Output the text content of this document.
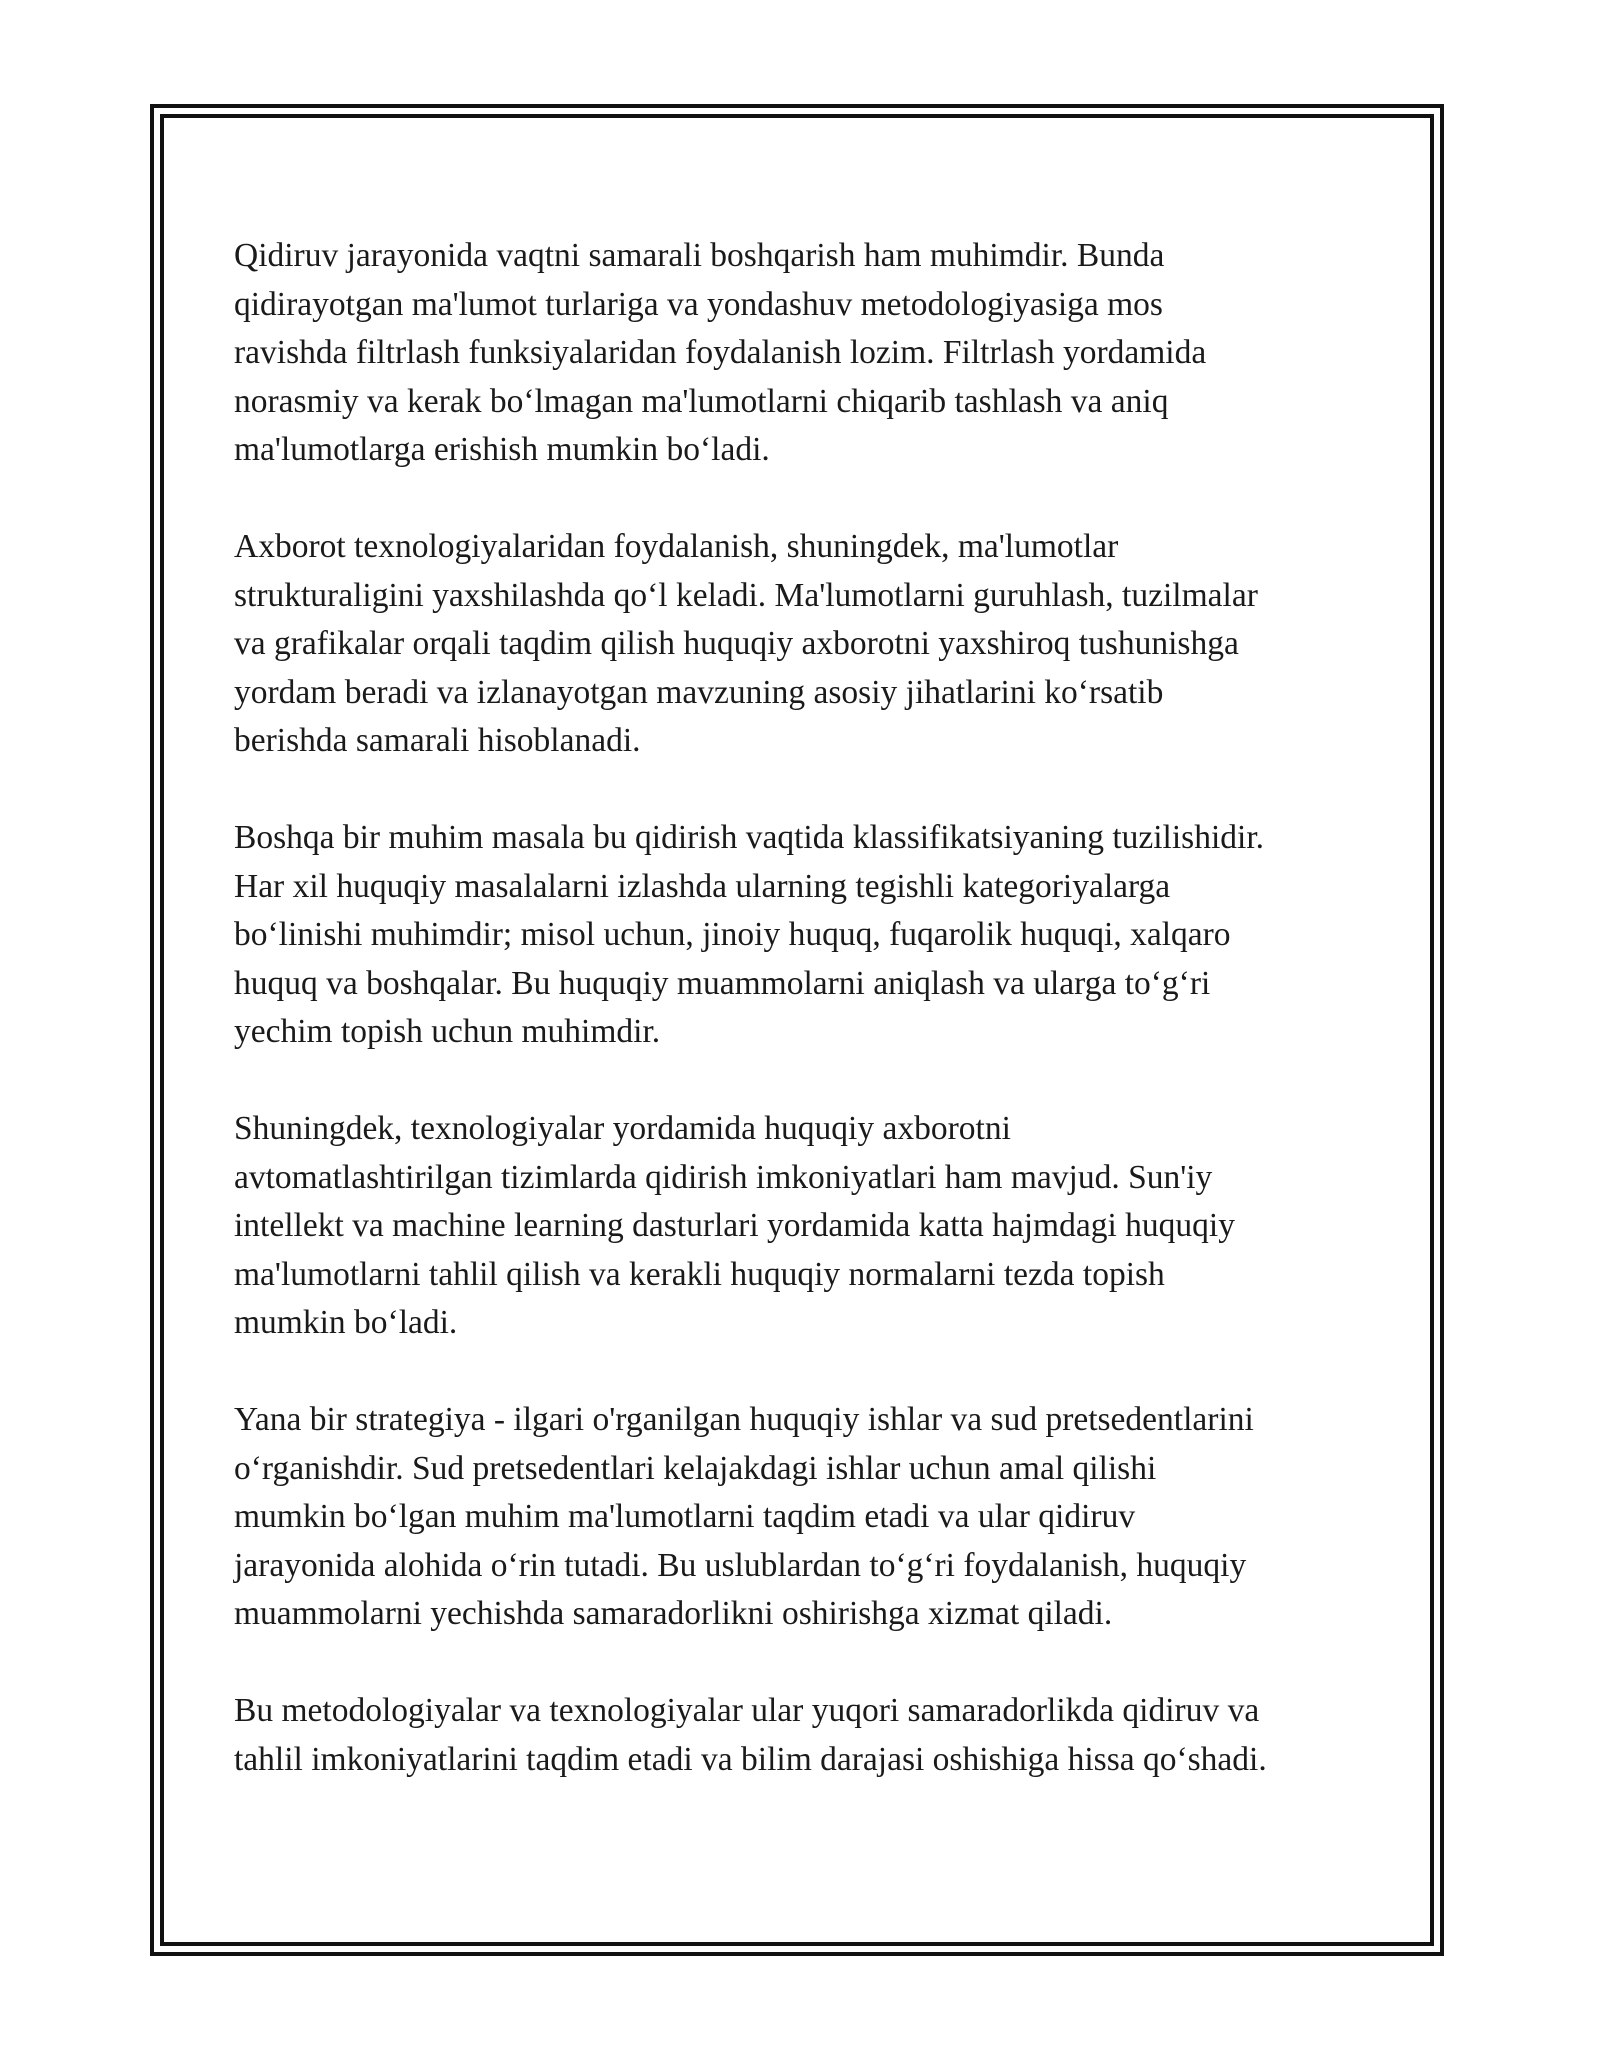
Qidiruv jarayonida vaqtni samarali boshqarish ham muhimdir. Bunda
qidirayotgan ma'lumot turlariga va yondashuv metodologiyasiga mos
ravishda filtrlash funksiyalaridan foydalanish lozim. Filtrlash yordamida
norasmiy va kerak bo‘lmagan ma'lumotlarni chiqarib tashlash va aniq
ma'lumotlarga erishish mumkin bo‘ladi.

Axborot texnologiyalaridan foydalanish, shuningdek, ma'lumotlar
strukturaligini yaxshilashda qo‘l keladi. Ma'lumotlarni guruhlash, tuzilmalar
va grafikalar orqali taqdim qilish huquqiy axborotni yaxshiroq tushunishga
yordam beradi va izlanayotgan mavzuning asosiy jihatlarini ko‘rsatib
berishda samarali hisoblanadi.

Boshqa bir muhim masala bu qidirish vaqtida klassifikatsiyaning tuzilishidir.
Har xil huquqiy masalalarni izlashda ularning tegishli kategoriyalarga
bo‘linishi muhimdir; misol uchun, jinoiy huquq, fuqarolik huquqi, xalqaro
huquq va boshqalar. Bu huquqiy muammolarni aniqlash va ularga to‘g‘ri
yechim topish uchun muhimdir.

Shuningdek, texnologiyalar yordamida huquqiy axborotni
avtomatlashtirilgan tizimlarda qidirish imkoniyatlari ham mavjud. Sun'iy
intellekt va machine learning dasturlari yordamida katta hajmdagi huquqiy
ma'lumotlarni tahlil qilish va kerakli huquqiy normalarni tezda topish
mumkin bo‘ladi.

Yana bir strategiya - ilgari o'rganilgan huquqiy ishlar va sud pretsedentlarini
o‘rganishdir. Sud pretsedentlari kelajakdagi ishlar uchun amal qilishi
mumkin bo‘lgan muhim ma'lumotlarni taqdim etadi va ular qidiruv
jarayonida alohida o‘rin tutadi. Bu uslublardan to‘g‘ri foydalanish, huquqiy
muammolarni yechishda samaradorlikni oshirishga xizmat qiladi.

Bu metodologiyalar va texnologiyalar ular yuqori samaradorlikda qidiruv va
tahlil imkoniyatlarini taqdim etadi va bilim darajasi oshishiga hissa qo‘shadi.
